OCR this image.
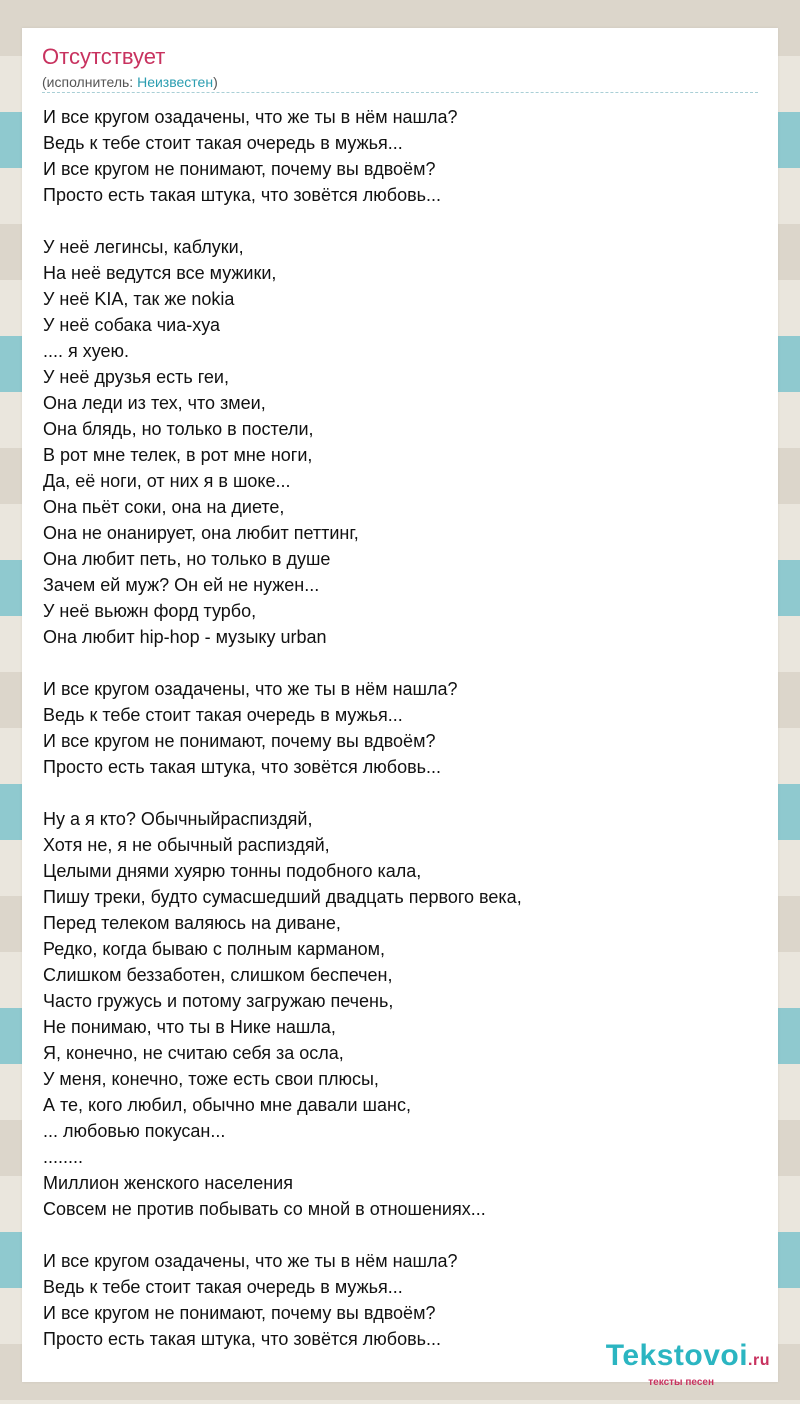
Отсутствует
(исполнитель: Неизвестен)
И все кругом озадачены, что же ты в нём нашла?
Ведь к тебе стоит такая очередь в мужья...
И все кругом не понимают, почему вы вдвоём?
Просто есть такая штука, что зовётся любовь...
У неё легинсы, каблуки,
На неё ведутся все мужики,
У неё KIA, так же nokia
У неё собака чиа-хуа
.... я хуею.
У неё друзья есть геи,
Она леди из тех, что змеи,
Она блядь, но только в постели,
В рот мне телек, в рот мне ноги,
Да, её ноги, от них я в шоке...
Она пьёт соки, она на диете,
Она не онанирует, она любит петтинг,
Она любит петь, но только в душе
Зачем ей муж? Он ей не нужен...
У неё вьюжн форд турбо,
Она любит hip-hop - музыку urban
И все кругом озадачены, что же ты в нём нашла?
Ведь к тебе стоит такая очередь в мужья...
И все кругом не понимают, почему вы вдвоём?
Просто есть такая штука, что зовётся любовь...
Ну а я кто? Обычныйраспиздяй,
Хотя не, я не обычный распиздяй,
Целыми днями хуярю тонны подобного кала,
Пишу треки, будто сумасшедший двадцать первого века,
Перед телеком валяюсь на диване,
Редко, когда бываю с полным карманом,
Слишком беззаботен, слишком беспечен,
Часто гружусь и потому загружаю печень,
Не понимаю, что ты в Нике нашла,
Я, конечно, не считаю себя за осла,
У меня, конечно, тоже есть свои плюсы,
А те, кого любил, обычно мне давали шанс,
... любовью покусан...
........
Миллион женского населения
Совсем не против побывать со мной в отношениях...
И все кругом озадачены, что же ты в нём нашла?
Ведь к тебе стоит такая очередь в мужья...
И все кругом не понимают, почему вы вдвоём?
Просто есть такая штука, что зовётся любовь...	Tekstovoi.ru
тексты песен
